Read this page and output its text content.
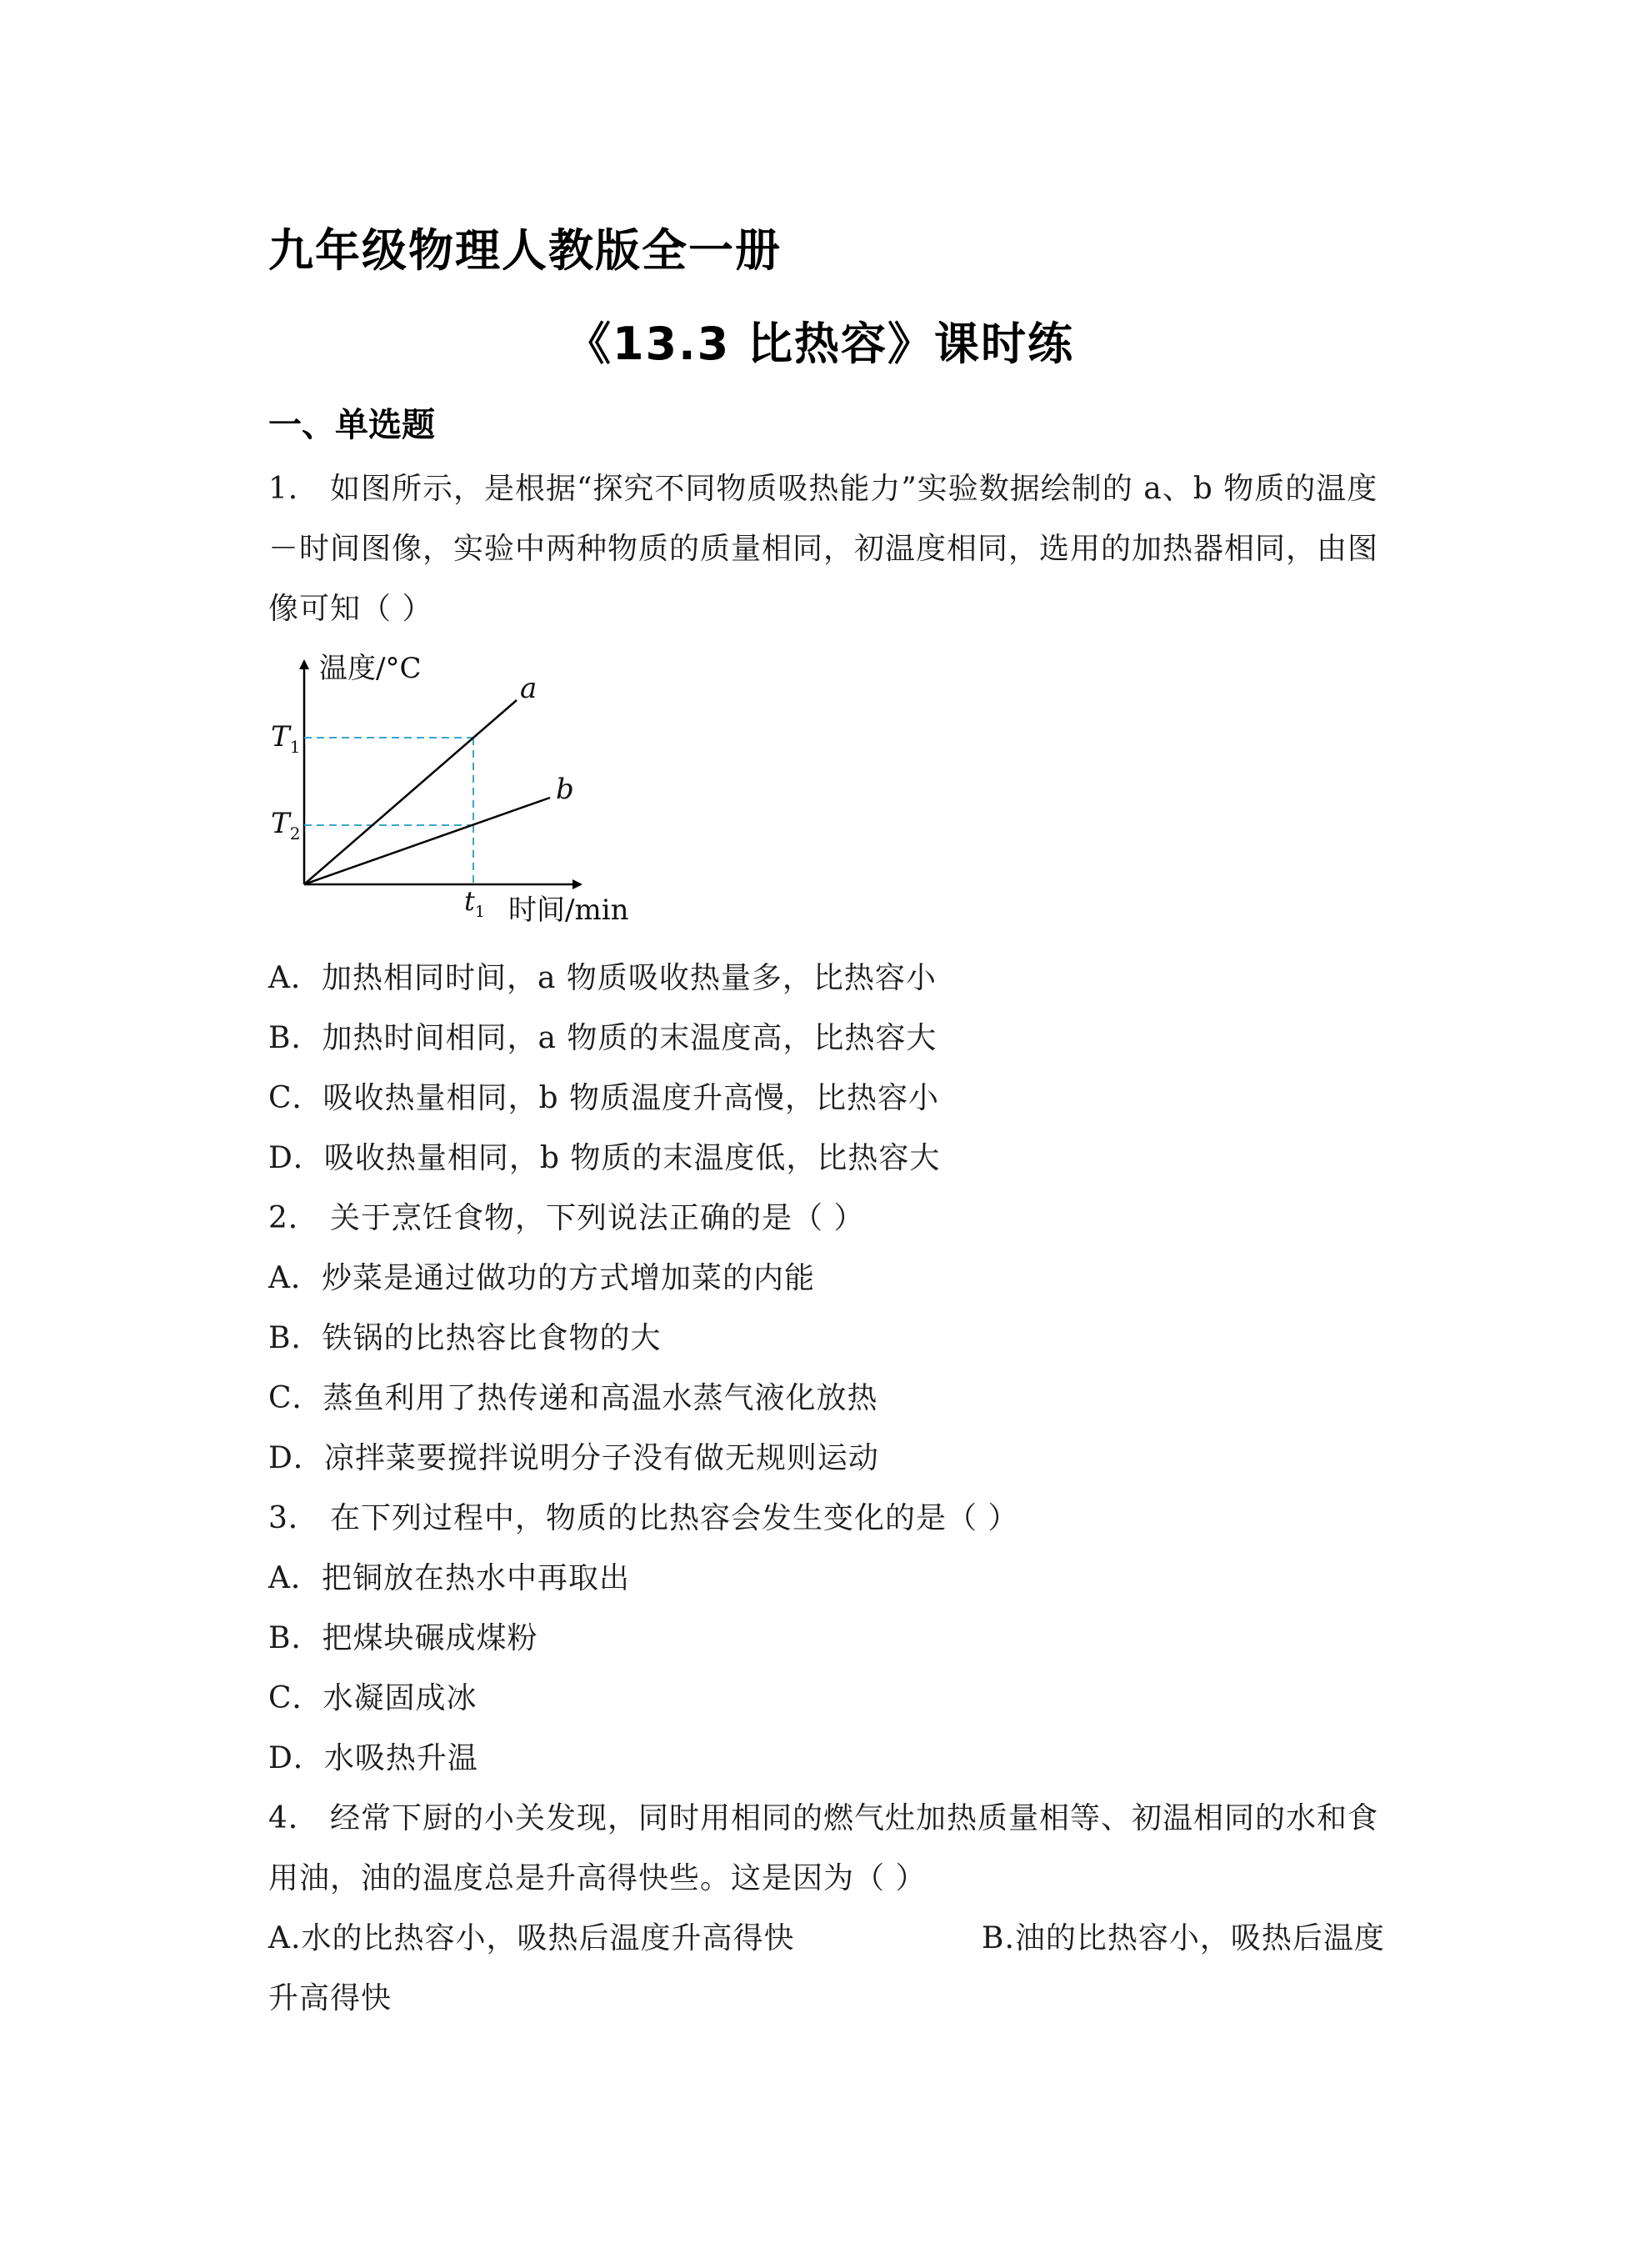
九年级物理人教版全一册
《13.3 比热容》课时练
一、单选题
1． 如图所示，是根据“探究不同物质吸热能力”实验数据绘制的 a、b 物质的温度
－时间图像，实验中两种物质的质量相同，初温度相同，选用的加热器相同，由图
像可知（ ）
温度/°C
时间/min
a
b
$T_1$
$T_2$
$t_1$
A．加热相同时间，a 物质吸收热量多，比热容小
B．加热时间相同，a 物质的末温度高，比热容大
C．吸收热量相同，b 物质温度升高慢，比热容小
D．吸收热量相同，b 物质的末温度低，比热容大
2． 关于烹饪食物，下列说法正确的是（ ）
A．炒菜是通过做功的方式增加菜的内能
B．铁锅的比热容比食物的大
C．蒸鱼利用了热传递和高温水蒸气液化放热
D．凉拌菜要搅拌说明分子没有做无规则运动
3． 在下列过程中，物质的比热容会发生变化的是（ ）
A．把铜放在热水中再取出
B．把煤块碾成煤粉
C．水凝固成冰
D．水吸热升温
4． 经常下厨的小关发现，同时用相同的燃气灶加热质量相等、初温相同的水和食
用油，油的温度总是升高得快些。这是因为（ ）
A.水的比热容小，吸热后温度升高得快	B.油的比热容小，吸热后温度
升高得快
